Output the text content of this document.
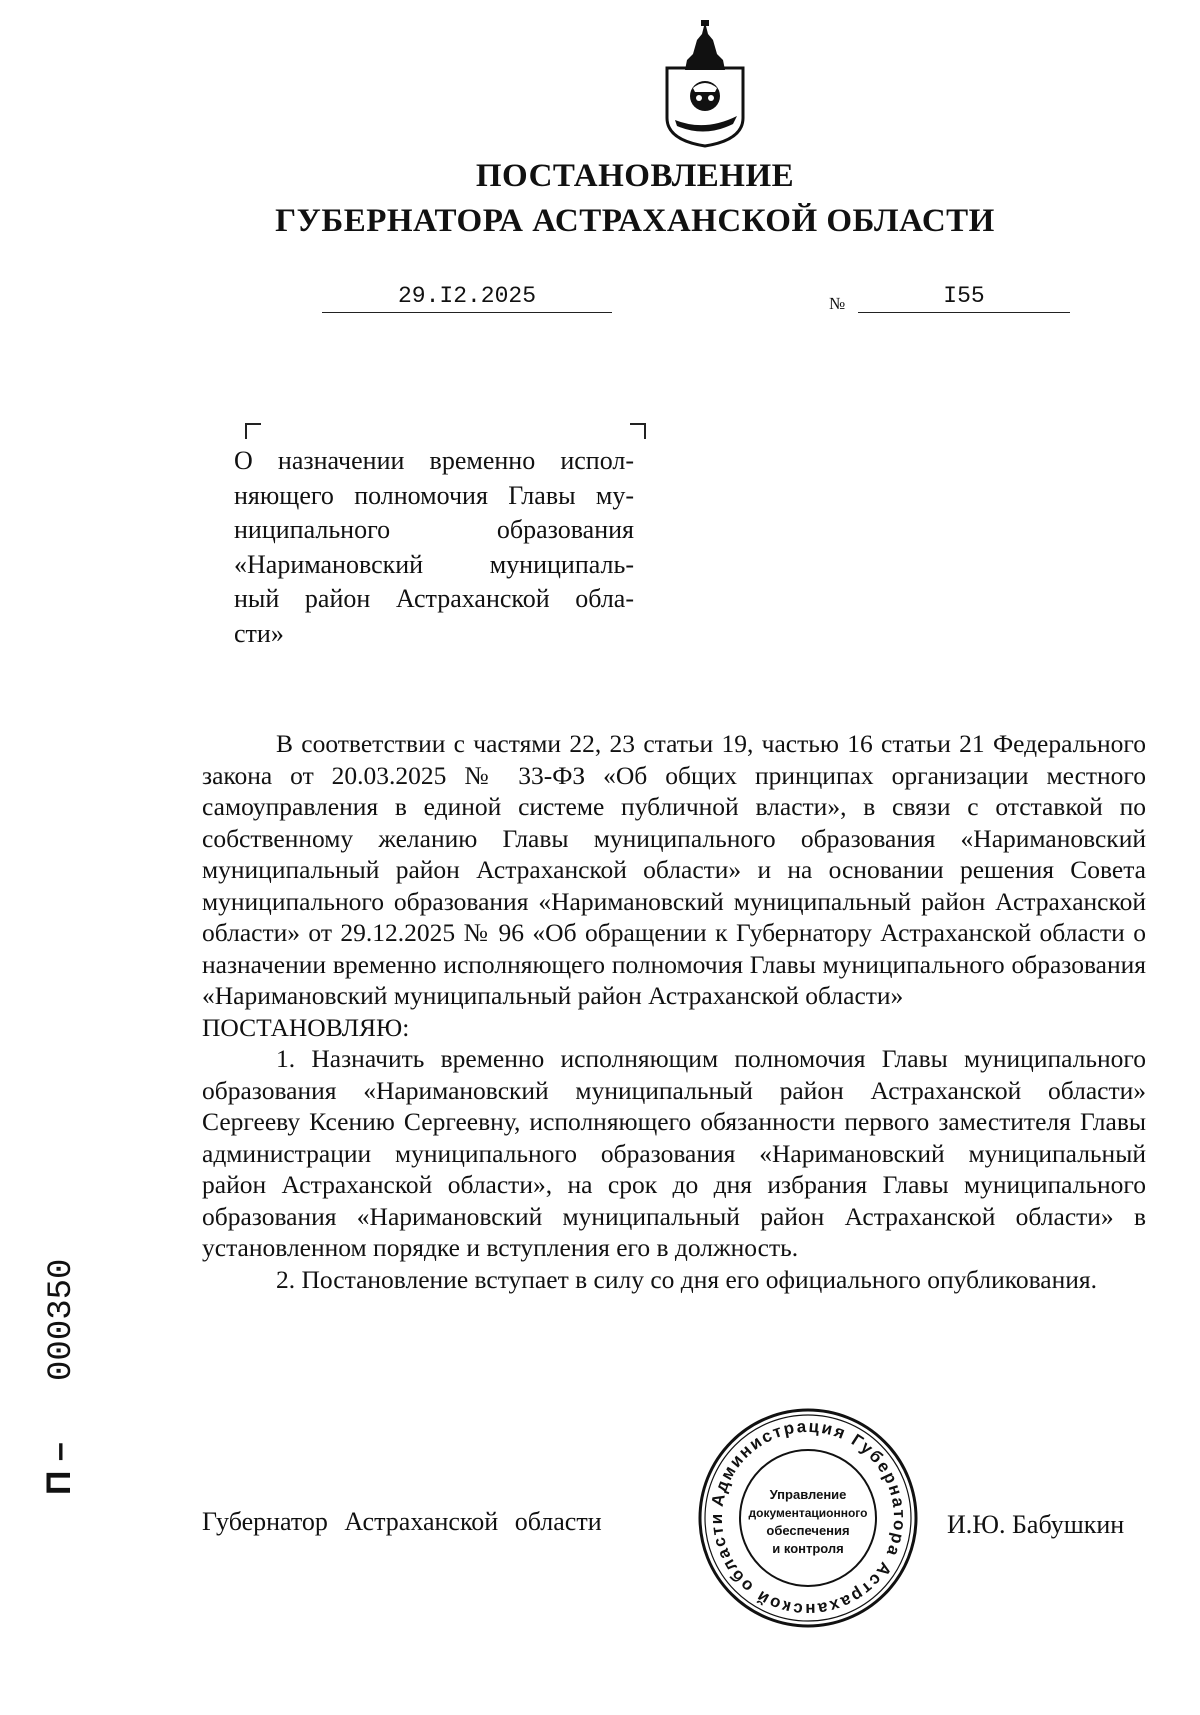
ПОСТАНОВЛЕНИЕ
ГУБЕРНАТОРА АСТРАХАНСКОЙ ОБЛАСТИ
29.I2.2025	№	I55
О назначении временно испол-
няющего полномочия Главы му-
ниципального образования
«Наримановский муниципаль-
ный район Астраханской обла-
сти»

В соответствии с частями 22, 23 статьи 19, частью 16 статьи 21 Федерального закона от 20.03.2025 № 33-ФЗ «Об общих принципах организации местного самоуправления в единой системе публичной власти», в связи с отставкой по собственному желанию Главы муниципального образования «Наримановский муниципальный район Астраханской области» и на основании решения Совета муниципального образования «Наримановский муниципальный район Астраханской области» от 29.12.2025 № 96 «Об обращении к Губернатору Астраханской области о назначении временно исполняющего полномочия Главы муниципального образования «Наримановский муниципальный район Астраханской области»

ПОСТАНОВЛЯЮ:

1. Назначить временно исполняющим полномочия Главы муниципального образования «Наримановский муниципальный район Астраханской области» Сергееву Ксению Сергеевну, исполняющего обязанности первого заместителя Главы администрации муниципального образования «Наримановский муниципальный район Астраханской области», на срок до дня избрания Главы муниципального образования «Наримановский муниципальный район Астраханской области» в установленном порядке и вступления его в должность.

2. Постановление вступает в силу со дня его официального опубликования.

Губернатор Астраханской области	И.Ю. Бабушкин
Администрация Губернатора Астраханской области
Управление
документационного
обеспечения
и контроля
П –   000350
